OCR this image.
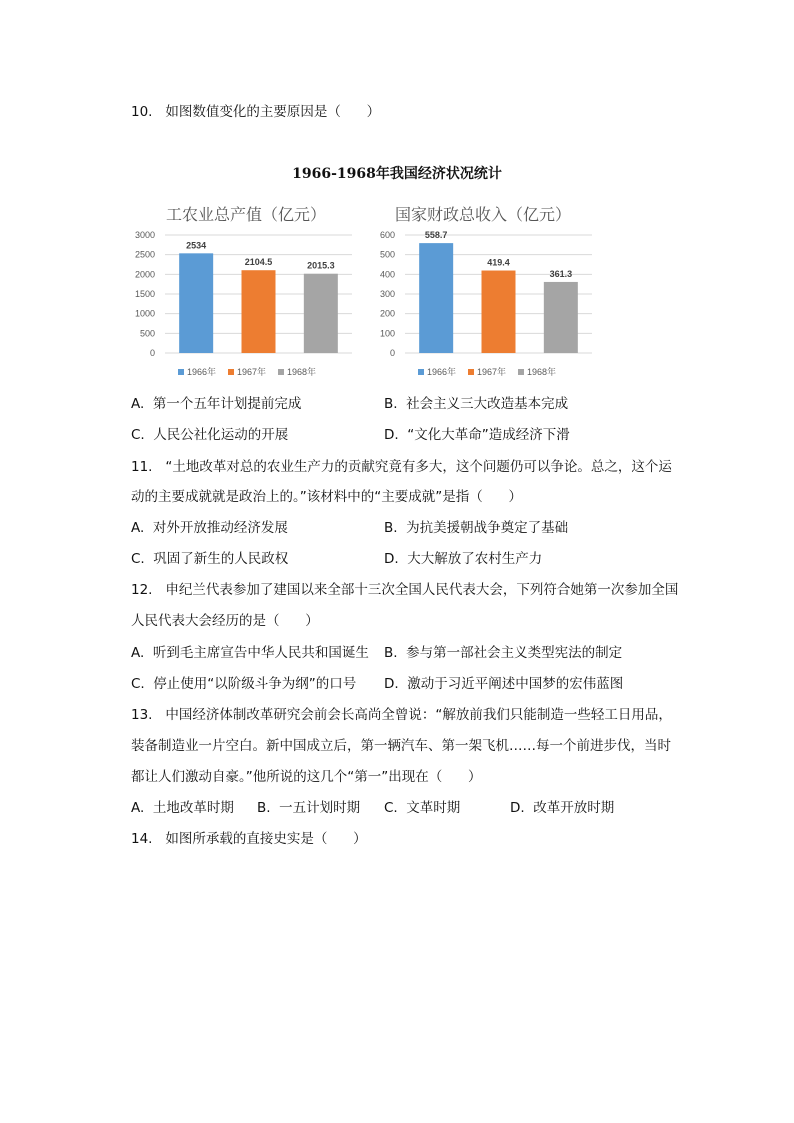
10.   如图数值变化的主要原因是（      ）
1966-1968年我国经济状况统计
工农业总产值（亿元）	国家财政总收入（亿元）
0
500
1000
1500
2000
2500
3000
2534
2104.5	2015.3
1966年 1967年 1968年
0
100
200
300
400
500
600	558.7
419.4
361.3
1966年 1967年 1968年
A.  第一个五年计划提前完成	B.  社会主义三大改造基本完成
C.  人民公社化运动的开展	D.  “文化大革命”造成经济下滑
11.   “土地改革对总的农业生产力的贡献究竟有多大，这个问题仍可以争论。总之，这个运
动的主要成就就是政治上的。”该材料中的“主要成就”是指（      ）
A.  对外开放推动经济发展	B.  为抗美援朝战争奠定了基础
C.  巩固了新生的人民政权	D.  大大解放了农村生产力
12.   申纪兰代表参加了建国以来全部十三次全国人民代表大会，下列符合她第一次参加全国
人民代表大会经历的是（      ）
A.  听到毛主席宣告中华人民共和国诞生 B.  参与第一部社会主义类型宪法的制定
C.  停止使用“以阶级斗争为纲”的口号 D.  激动于习近平阐述中国梦的宏伟蓝图
13.   中国经济体制改革研究会前会长高尚全曾说：“解放前我们只能制造一些轻工日用品，
装备制造业一片空白。新中国成立后，第一辆汽车、第一架飞机……每一个前进步伐，当时
都让人们激动自豪。”他所说的这几个“第一”出现在（      ）
A.  土地改革时期 B.  一五计划时期 C.  文革时期	D.  改革开放时期
14.   如图所承载的直接史实是（      ）
